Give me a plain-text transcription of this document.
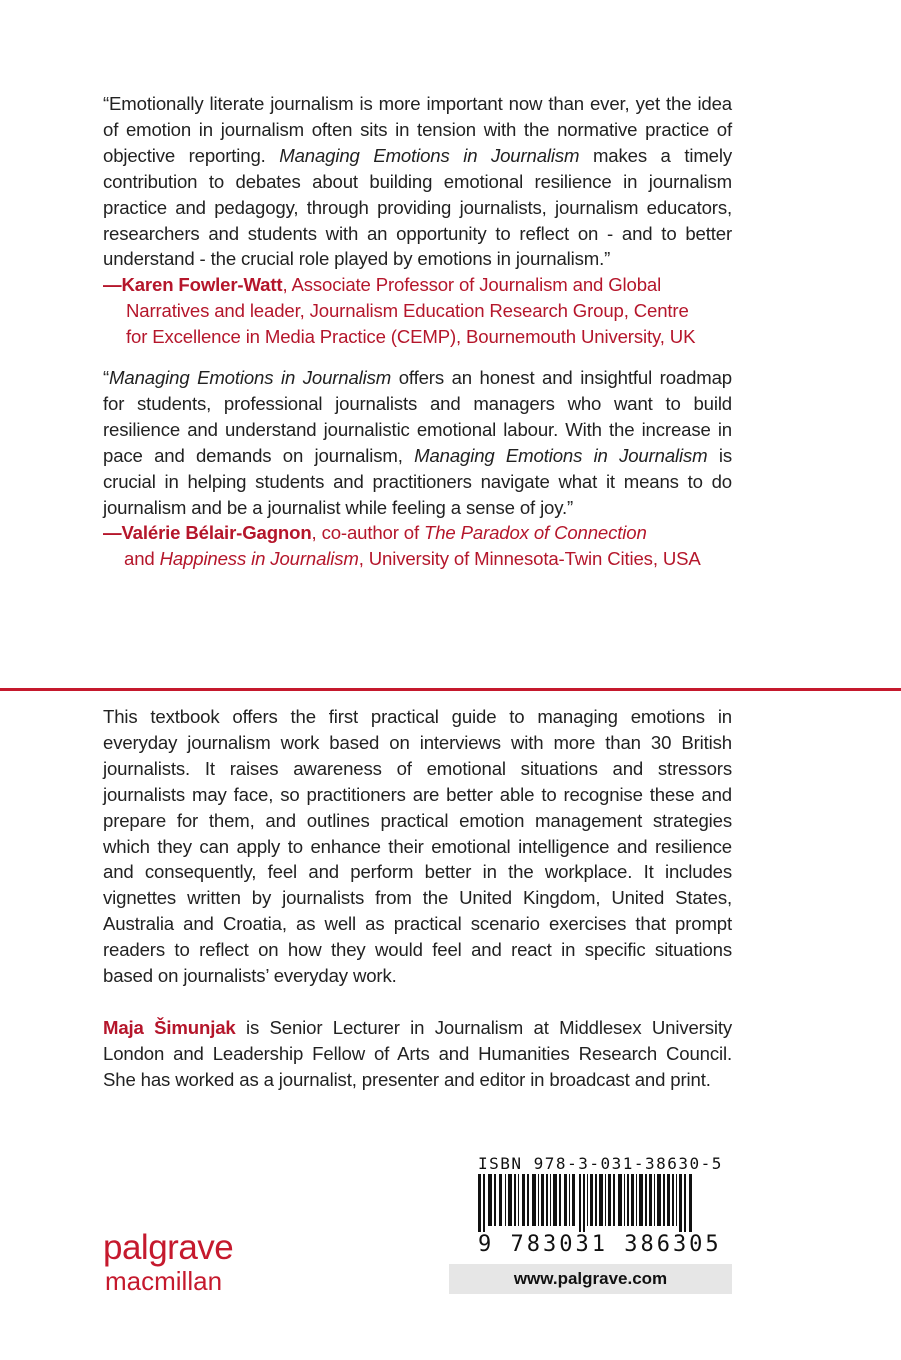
“Emotionally literate journalism is more important now than ever, yet the idea of emotion in journalism often sits in tension with the normative practice of objective reporting. Managing Emotions in Journalism makes a timely contribution to debates about building emotional resilience in journalism practice and pedagogy, through providing journalists, journalism educators, researchers and students with an opportunity to reflect on - and to better understand - the crucial role played by emotions in journalism.”

—Karen Fowler-Watt, Associate Professor of Journalism and Global
Narratives and leader, Journalism Education Research Group, Centre
for Excellence in Media Practice (CEMP), Bournemouth University, UK

“Managing Emotions in Journalism offers an honest and insightful roadmap for students, professional journalists and managers who want to build resilience and understand journalistic emotional labour. With the increase in pace and demands on journalism, Managing Emotions in Journalism is crucial in helping students and practitioners navigate what it means to do journalism and be a journalist while feeling a sense of joy.”

—Valérie Bélair-Gagnon, co-author of The Paradox of Connection
and Happiness in Journalism, University of Minnesota-Twin Cities, USA

This textbook offers the first practical guide to managing emotions in everyday journalism work based on interviews with more than 30 British journalists. It raises awareness of emotional situations and stressors journalists may face, so practitioners are better able to recognise these and prepare for them, and outlines practical emotion management strategies which they can apply to enhance their emotional intelligence and resilience and consequently, feel and perform better in the workplace. It includes vignettes written by journalists from the United Kingdom, United States, Australia and Croatia, as well as practical scenario exercises that prompt readers to reflect on how they would feel and react in specific situations based on journalists’ everyday work.

Maja Šimunjak is Senior Lecturer in Journalism at Middlesex University London and Leadership Fellow of Arts and Humanities Research Council. She has worked as a journalist, presenter and editor in broadcast and print.

palgrave
macmillan
ISBN 978-3-031-38630-5
9 783031 386305
www.palgrave.com
